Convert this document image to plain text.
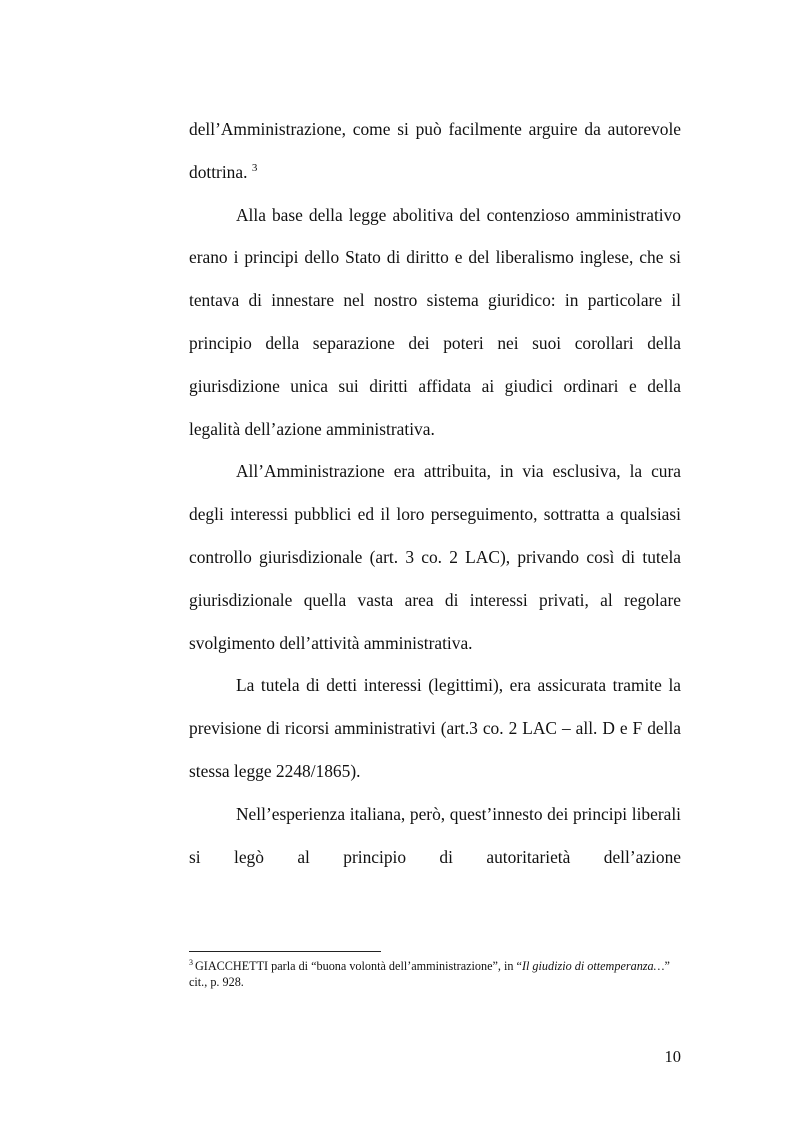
dell’Amministrazione, come si può facilmente arguire da autorevole dottrina. $^3$

Alla base della legge abolitiva del contenzioso amministrativo erano i principi dello Stato di diritto e del liberalismo inglese, che si tentava di innestare nel nostro sistema giuridico: in particolare il principio della separazione dei poteri nei suoi corollari della giurisdizione unica sui diritti affidata ai giudici ordinari e della legalità dell’azione amministrativa.

All’Amministrazione era attribuita, in via esclusiva, la cura degli interessi pubblici ed il loro perseguimento, sottratta a qualsiasi controllo giurisdizionale (art. 3 co. 2 LAC), privando così di tutela giurisdizionale quella vasta area di interessi privati, al regolare svolgimento dell’attività amministrativa.

La tutela di detti interessi (legittimi), era assicurata tramite la previsione di ricorsi amministrativi (art.3 co. 2 LAC – all. D e F della stessa legge 2248/1865).

Nell’esperienza italiana, però, quest’innesto dei principi liberali si legò al principio di autoritarietà dell’azione

$^3$ GIACCHETTI parla di “buona volontà dell’amministrazione”, in “Il giudizio di ottemperanza…” cit., p. 928.
10
